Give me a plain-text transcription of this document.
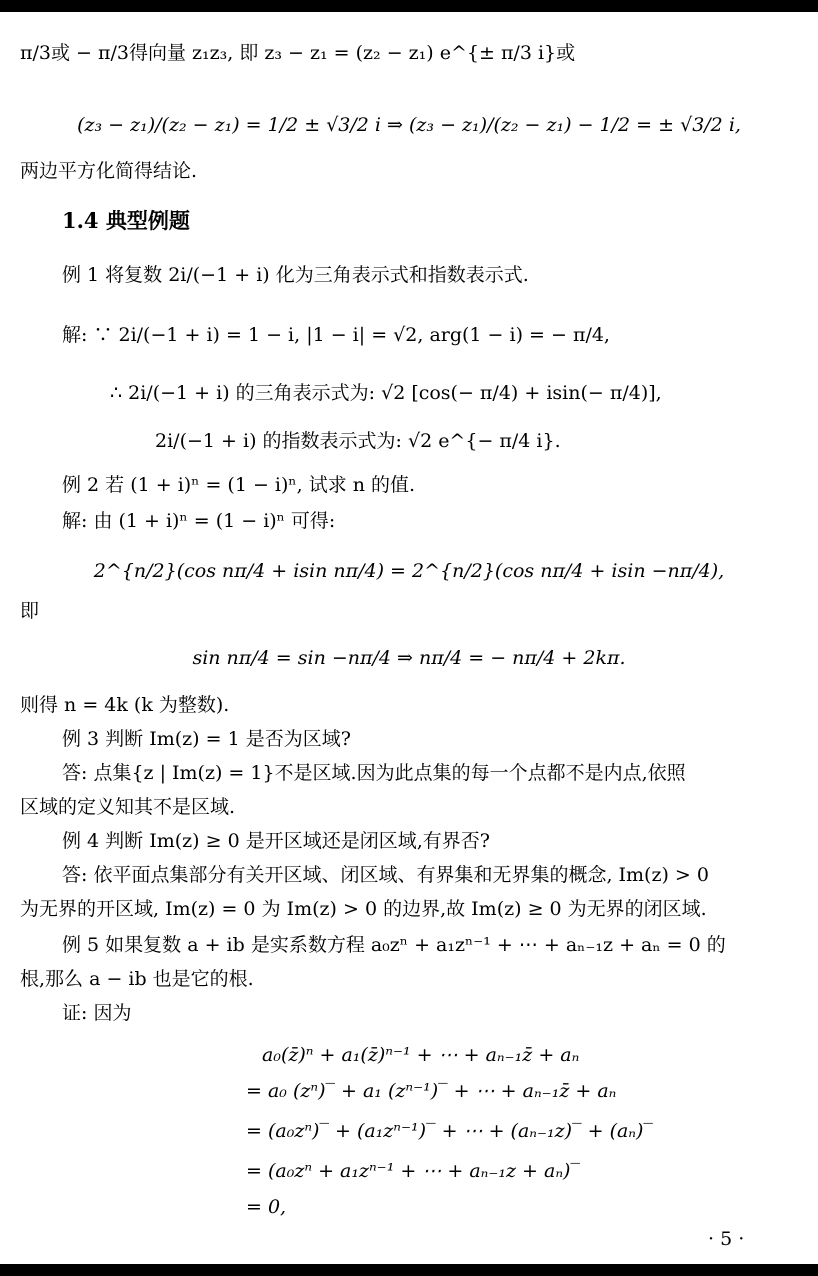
π/3或 − π/3得向量 z₁z₃, 即 z₃ − z₁ = (z₂ − z₁) e^{± π/3 i}或
(z₃ − z₁)/(z₂ − z₁) = 1/2 ± √3/2 i ⇒ (z₃ − z₁)/(z₂ − z₁) − 1/2 = ± √3/2 i,
两边平方化简得结论.
1.4 典型例题
例 1 将复数 2i/(−1 + i) 化为三角表示式和指数表示式.
解: ∵ 2i/(−1 + i) = 1 − i, |1 − i| = √2, arg(1 − i) = − π/4,
∴ 2i/(−1 + i) 的三角表示式为: √2 [cos(− π/4) + isin(− π/4)],
2i/(−1 + i) 的指数表示式为: √2 e^{− π/4 i}.
例 2 若 (1 + i)ⁿ = (1 − i)ⁿ, 试求 n 的值.
解: 由 (1 + i)ⁿ = (1 − i)ⁿ 可得:
2^{n/2}(cos nπ/4 + isin nπ/4) = 2^{n/2}(cos nπ/4 + isin −nπ/4),
即
sin nπ/4 = sin −nπ/4 ⇒ nπ/4 = − nπ/4 + 2kπ.
则得 n = 4k (k 为整数).
例 3 判断 Im(z) = 1 是否为区域?
答: 点集{z | Im(z) = 1}不是区域.因为此点集的每一个点都不是内点,依照
区域的定义知其不是区域.
例 4 判断 Im(z) ≥ 0 是开区域还是闭区域,有界否?
答: 依平面点集部分有关开区域、闭区域、有界集和无界集的概念, Im(z) > 0
为无界的开区域, Im(z) = 0 为 Im(z) > 0 的边界,故 Im(z) ≥ 0 为无界的闭区域.
例 5 如果复数 a + ib 是实系数方程 a₀zⁿ + a₁zⁿ⁻¹ + ⋯ + aₙ₋₁z + aₙ = 0 的
根,那么 a − ib 也是它的根.
证: 因为
a₀(z̄)ⁿ + a₁(z̄)ⁿ⁻¹ + ⋯ + aₙ₋₁z̄ + aₙ
= a₀ (zⁿ)‾ + a₁ (zⁿ⁻¹)‾ + ⋯ + aₙ₋₁z̄ + aₙ
= (a₀zⁿ)‾ + (a₁zⁿ⁻¹)‾ + ⋯ + (aₙ₋₁z)‾ + (aₙ)‾
= (a₀zⁿ + a₁zⁿ⁻¹ + ⋯ + aₙ₋₁z + aₙ)‾
= 0,
· 5 ·
